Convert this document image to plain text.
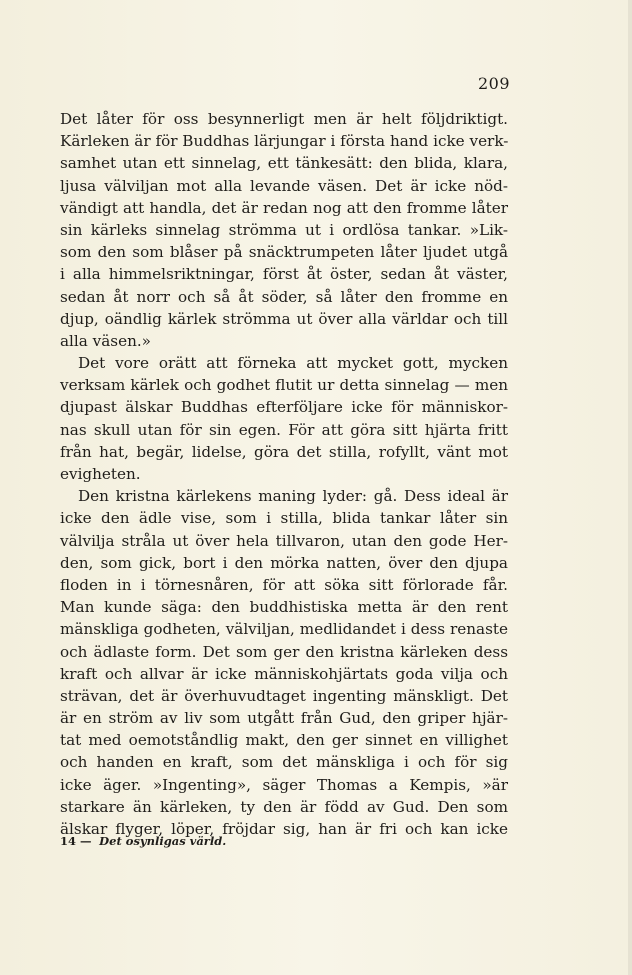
209
Det låter för oss besynnerligt men är helt följdriktigt.
Kärleken är för Buddhas lärjungar i första hand icke verk-
samhet utan ett sinnelag, ett tänkesätt: den blida, klara,
ljusa välviljan mot alla levande väsen. Det är icke nöd-
vändigt att handla, det är redan nog att den fromme låter
sin kärleks sinnelag strömma ut i ordlösa tankar. »Lik-
som den som blåser på snäcktrumpeten låter ljudet utgå
i alla himmelsriktningar, först åt öster, sedan åt väster,
sedan åt norr och så åt söder, så låter den fromme en
djup, oändlig kärlek strömma ut över alla världar och till
alla väsen.»
Det vore orätt att förneka att mycket gott, mycken
verksam kärlek och godhet flutit ur detta sinnelag — men
djupast älskar Buddhas efterföljare icke för människor-
nas skull utan för sin egen. För att göra sitt hjärta fritt
från hat, begär, lidelse, göra det stilla, rofyllt, vänt mot
evigheten.
Den kristna kärlekens maning lyder: gå. Dess ideal är
icke den ädle vise, som i stilla, blida tankar låter sin
välvilja stråla ut över hela tillvaron, utan den gode Her-
den, som gick, bort i den mörka natten, över den djupa
floden in i törnesnåren, för att söka sitt förlorade får.
Man kunde säga: den buddhistiska metta är den rent
mänskliga godheten, välviljan, medlidandet i dess renaste
och ädlaste form. Det som ger den kristna kärleken dess
kraft och allvar är icke människohjärtats goda vilja och
strävan, det är överhuvudtaget ingenting mänskligt. Det
är en ström av liv som utgått från Gud, den griper hjär-
tat med oemotståndlig makt, den ger sinnet en villighet
och handen en kraft, som det mänskliga i och för sig
icke äger. »Ingenting», säger Thomas a Kempis, »är
starkare än kärleken, ty den är född av Gud. Den som
älskar flyger, löper, fröjdar sig, han är fri och kan icke
14 — Det osynligas värld.
